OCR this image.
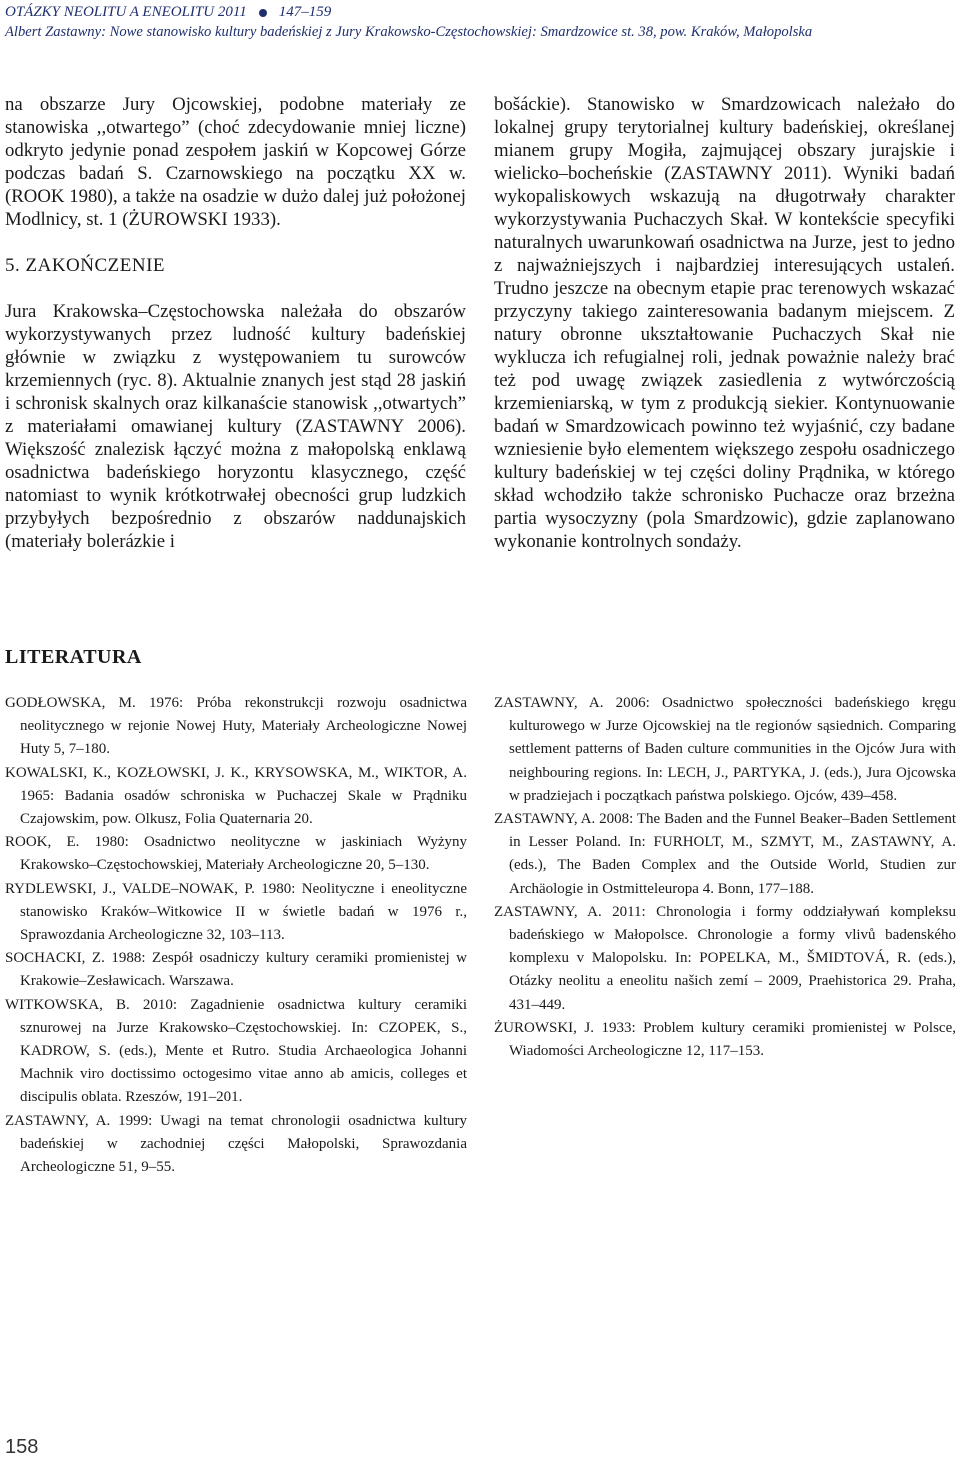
OTÁZKY NEOLITU A ENEOLITU 2011 147–159
Albert Zastawny: Nowe stanowisko kultury badeńskiej z Jury Krakowsko-Częstochowskiej: Smardzowice st. 38, pow. Kraków, Małopolska

na obszarze Jury Ojcowskiej, podobne materiały ze stanowiska ,,otwartego” (choć zdecydowanie mniej liczne) odkryto jedynie ponad zespołem jaskiń w Kopcowej Górze podczas badań S. Czarnowskiego na początku XX w. (ROOK 1980), a także na osadzie w dużo dalej już położonej Modlnicy, st. 1 (ŻUROWSKI 1933).

5. ZAKOŃCZENIE

Jura Krakowska–Częstochowska należała do obszarów wykorzystywanych przez ludność kultury badeńskiej głównie w związku z występowaniem tu surowców krzemiennych (ryc. 8). Aktualnie znanych jest stąd 28 jaskiń i schronisk skalnych oraz kilkanaście stanowisk ,,otwartych” z materiałami omawianej kultury (ZASTAWNY 2006). Większość znalezisk łączyć można z małopolską enklawą osadnictwa badeńskiego horyzontu klasycznego, część natomiast to wynik krótkotrwałej obecności grup ludzkich przybyłych bezpośrednio z obszarów naddunajskich (materiały bolerázkie i

bošáckie). Stanowisko w Smardzowicach należało do lokalnej grupy terytorialnej kultury badeńskiej, określanej mianem grupy Mogiła, zajmującej obszary jurajskie i wielicko–bocheńskie (ZASTAWNY 2011). Wyniki badań wykopaliskowych wskazują na długotrwały charakter wykorzystywania Puchaczych Skał. W kontekście specyfiki naturalnych uwarunkowań osadnictwa na Jurze, jest to jedno z najważniejszych i najbardziej interesujących ustaleń. Trudno jeszcze na obecnym etapie prac terenowych wskazać przyczyny takiego zainteresowania badanym miejscem. Z natury obronne ukształtowanie Puchaczych Skał nie wyklucza ich refugialnej roli, jednak poważnie należy brać też pod uwagę związek zasiedlenia z wytwórczością krzemieniarską, w tym z produkcją siekier. Kontynuowanie badań w Smardzowicach powinno też wyjaśnić, czy badane wzniesienie było elementem większego zespołu osadniczego kultury badeńskiej w tej części doliny Prądnika, w którego skład wchodziło także schronisko Puchacze oraz brzeżna partia wysoczyzny (pola Smardzowic), gdzie zaplanowano wykonanie kontrolnych sondaży.

LITERATURA

GODŁOWSKA, M. 1976: Próba rekonstrukcji rozwoju osadnictwa neolitycznego w rejonie Nowej Huty, Materiały Archeologiczne Nowej Huty 5, 7–180.

KOWALSKI, K., KOZŁOWSKI, J. K., KRYSOWSKA, M., WIKTOR, A. 1965: Badania osadów schroniska w Puchaczej Skale w Prądniku Czajowskim, pow. Olkusz, Folia Quaternaria 20.

ROOK, E. 1980: Osadnictwo neolityczne w jaskiniach Wyżyny Krakowsko–Częstochowskiej, Materiały Archeologiczne 20, 5–130.

RYDLEWSKI, J., VALDE–NOWAK, P. 1980: Neolityczne i eneolityczne stanowisko Kraków–Witkowice II w świetle badań w 1976 r., Sprawozdania Archeologiczne 32, 103–113.

SOCHACKI, Z. 1988: Zespół osadniczy kultury ceramiki promienistej w Krakowie–Zesławicach. Warszawa.

WITKOWSKA, B. 2010: Zagadnienie osadnictwa kultury ceramiki sznurowej na Jurze Krakowsko–Częstochowskiej. In: CZOPEK, S., KADROW, S. (eds.), Mente et Rutro. Studia Archaeologica Johanni Machnik viro doctissimo octogesimo vitae anno ab amicis, colleges et discipulis oblata. Rzeszów, 191–201.

ZASTAWNY, A. 1999: Uwagi na temat chronologii osadnictwa kultury badeńskiej w zachodniej części Małopolski, Sprawozdania Archeologiczne 51, 9–55.

ZASTAWNY, A. 2006: Osadnictwo społeczności badeńskiego kręgu kulturowego w Jurze Ojcowskiej na tle regionów sąsiednich. Comparing settlement patterns of Baden culture communities in the Ojców Jura with neighbouring regions. In: LECH, J., PARTYKA, J. (eds.), Jura Ojcowska w pradziejach i początkach państwa polskiego. Ojców, 439–458.

ZASTAWNY, A. 2008: The Baden and the Funnel Beaker–Baden Settlement in Lesser Poland. In: FURHOLT, M., SZMYT, M., ZASTAWNY, A. (eds.), The Baden Complex and the Outside World, Studien zur Archäologie in Ostmitteleuropa 4. Bonn, 177–188.

ZASTAWNY, A. 2011: Chronologia i formy oddziaływań kompleksu badeńskiego w Małopolsce. Chronologie a formy vlivů badenského komplexu v Malopolsku. In: POPELKA, M., ŠMIDTOVÁ, R. (eds.), Otázky neolitu a eneolitu našich zemí – 2009, Praehistorica 29. Praha, 431–449.

ŻUROWSKI, J. 1933: Problem kultury ceramiki promienistej w Polsce, Wiadomości Archeologiczne 12, 117–153.

158
